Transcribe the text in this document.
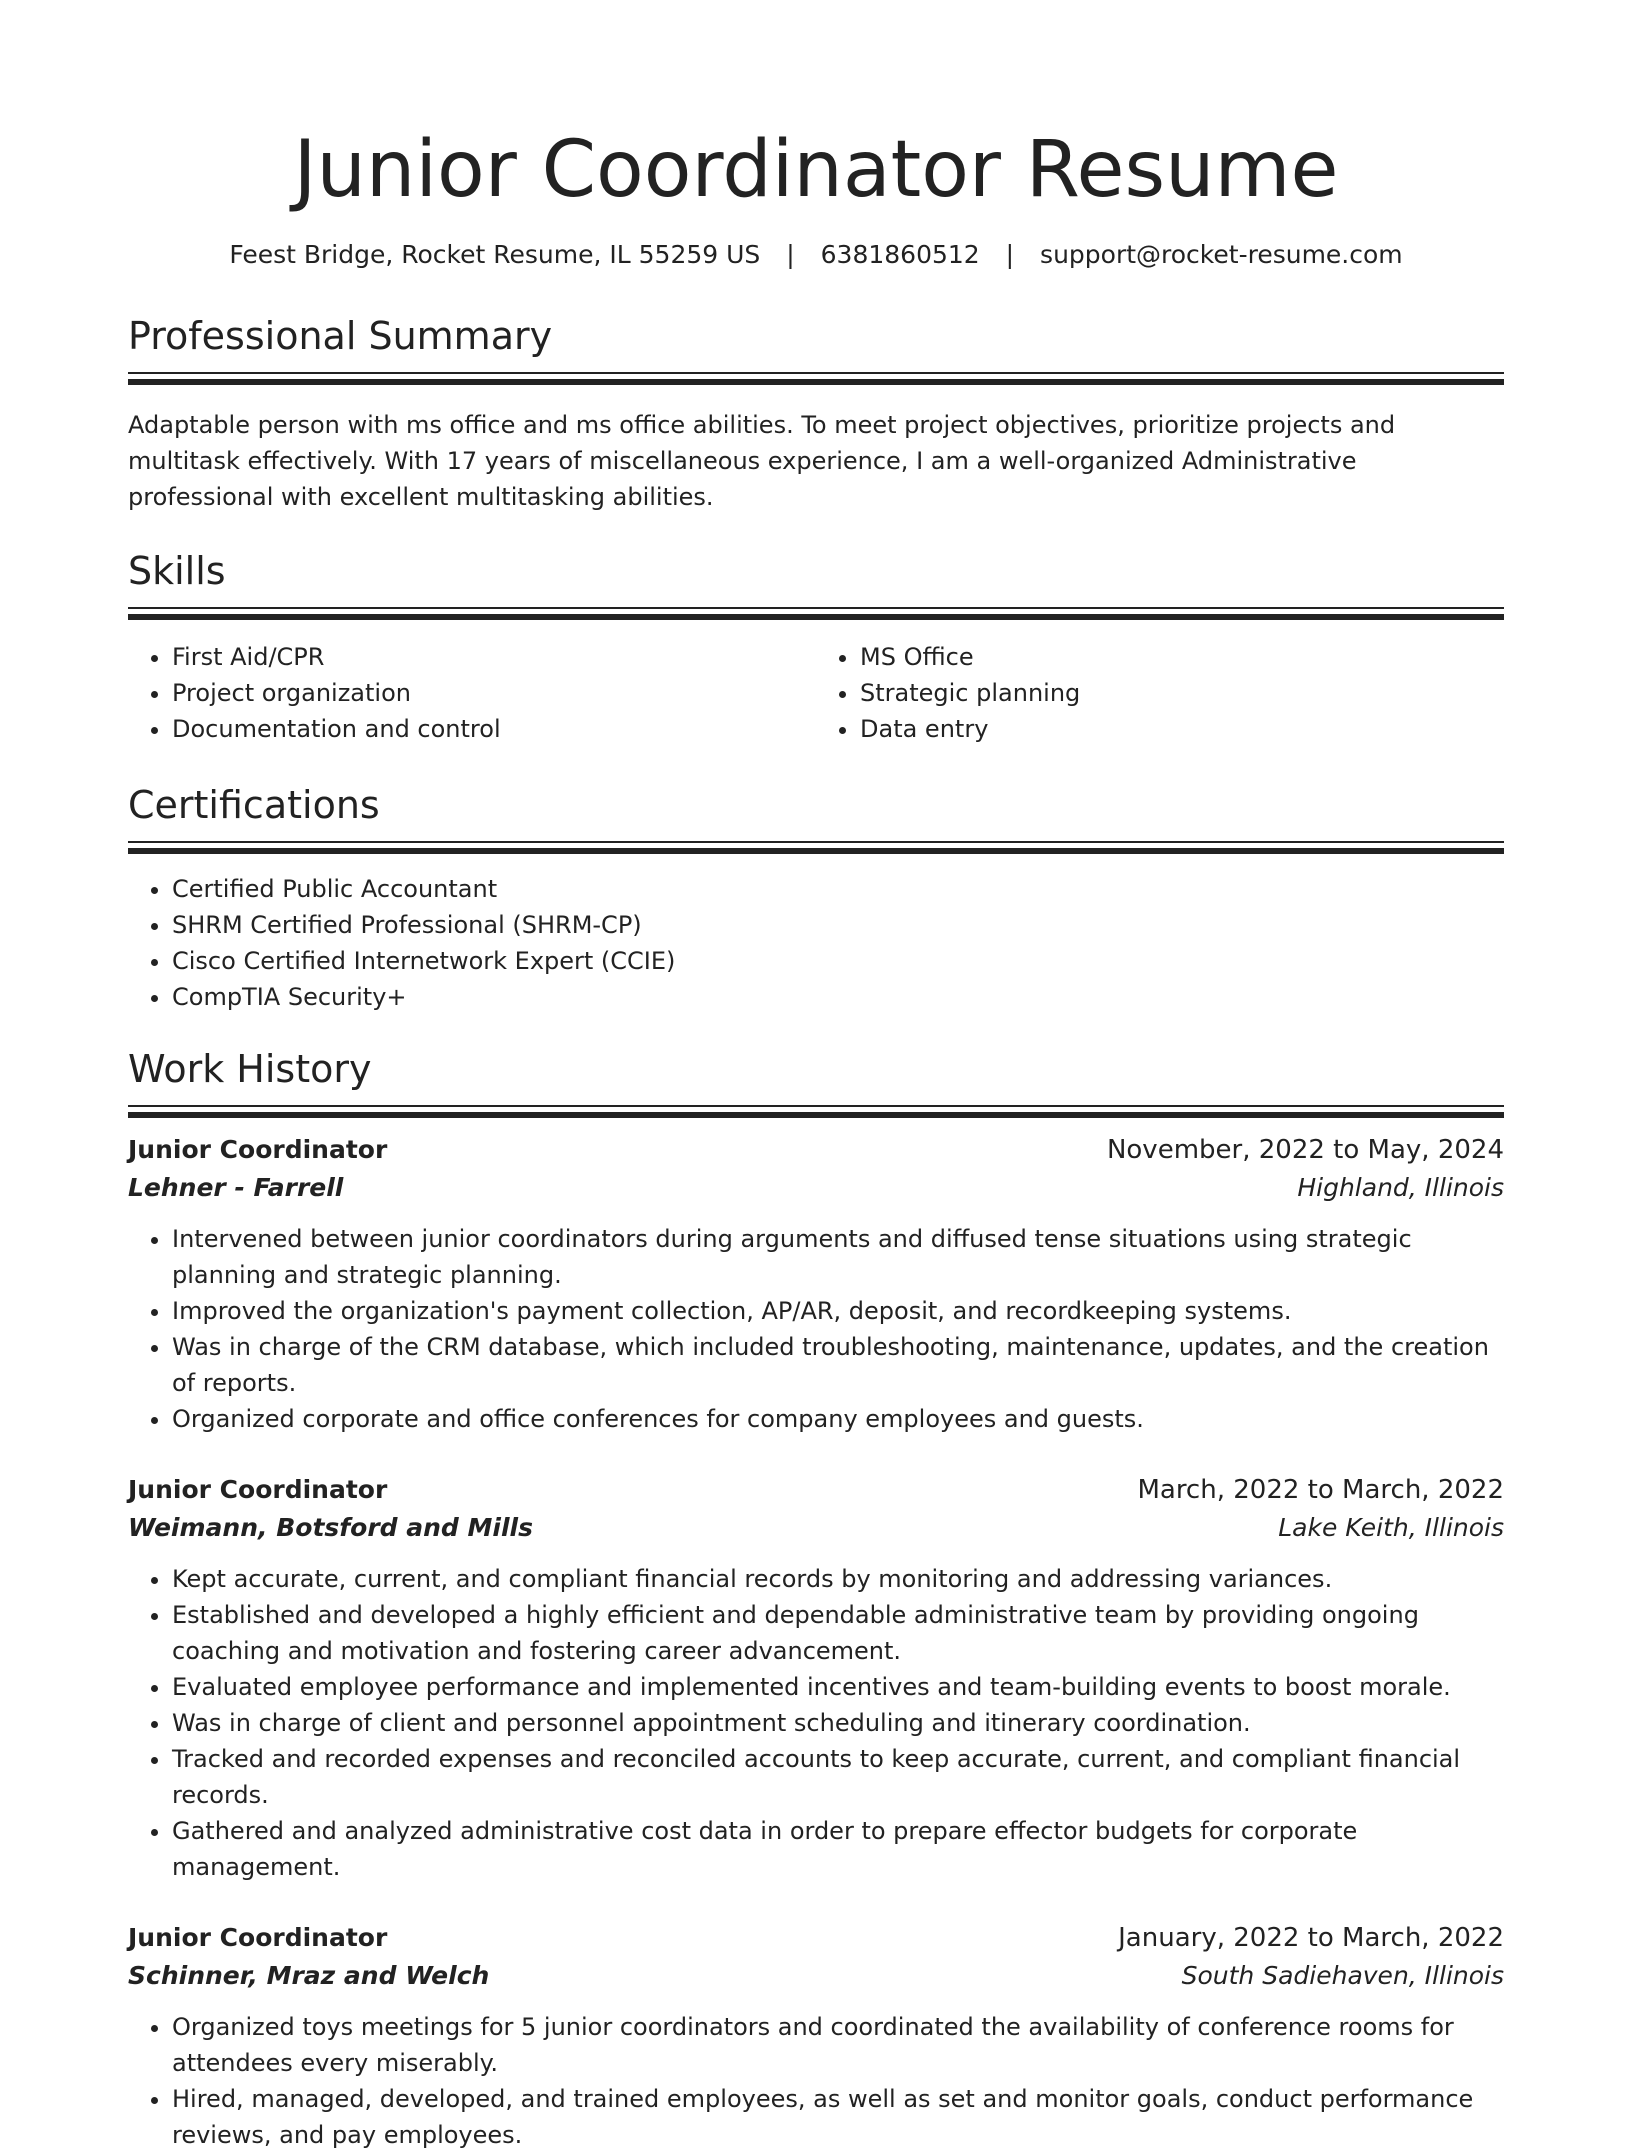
Junior Coordinator Resume
Feest Bridge, Rocket Resume, IL 55259 US | 6381860512 | support@rocket-resume.com
Professional Summary
Adaptable person with ms office and ms office abilities. To meet project objectives, prioritize projects and multitask effectively. With 17 years of miscellaneous experience, I am a well-organized Administrative professional with excellent multitasking abilities.
Skills
• First Aid/CPR
• Project organization
• Documentation and control
• MS Office
• Strategic planning
• Data entry
Certifications
• Certified Public Accountant
• SHRM Certified Professional (SHRM-CP)
• Cisco Certified Internetwork Expert (CCIE)
• CompTIA Security+
Work History
Junior Coordinator	November, 2022 to May, 2024
Lehner - Farrell	Highland, Illinois
• Intervened between junior coordinators during arguments and diffused tense situations using strategic planning and strategic planning.
• Improved the organization's payment collection, AP/AR, deposit, and recordkeeping systems.
• Was in charge of the CRM database, which included troubleshooting, maintenance, updates, and the creation of reports.
• Organized corporate and office conferences for company employees and guests.
Junior Coordinator	March, 2022 to March, 2022
Weimann, Botsford and Mills	Lake Keith, Illinois
• Kept accurate, current, and compliant financial records by monitoring and addressing variances.
• Established and developed a highly efficient and dependable administrative team by providing ongoing coaching and motivation and fostering career advancement.
• Evaluated employee performance and implemented incentives and team-building events to boost morale.
• Was in charge of client and personnel appointment scheduling and itinerary coordination.
• Tracked and recorded expenses and reconciled accounts to keep accurate, current, and compliant financial records.
• Gathered and analyzed administrative cost data in order to prepare effector budgets for corporate management.
Junior Coordinator	January, 2022 to March, 2022
Schinner, Mraz and Welch	South Sadiehaven, Illinois
• Organized toys meetings for 5 junior coordinators and coordinated the availability of conference rooms for attendees every miserably.
• Hired, managed, developed, and trained employees, as well as set and monitor goals, conduct performance reviews, and pay employees.
